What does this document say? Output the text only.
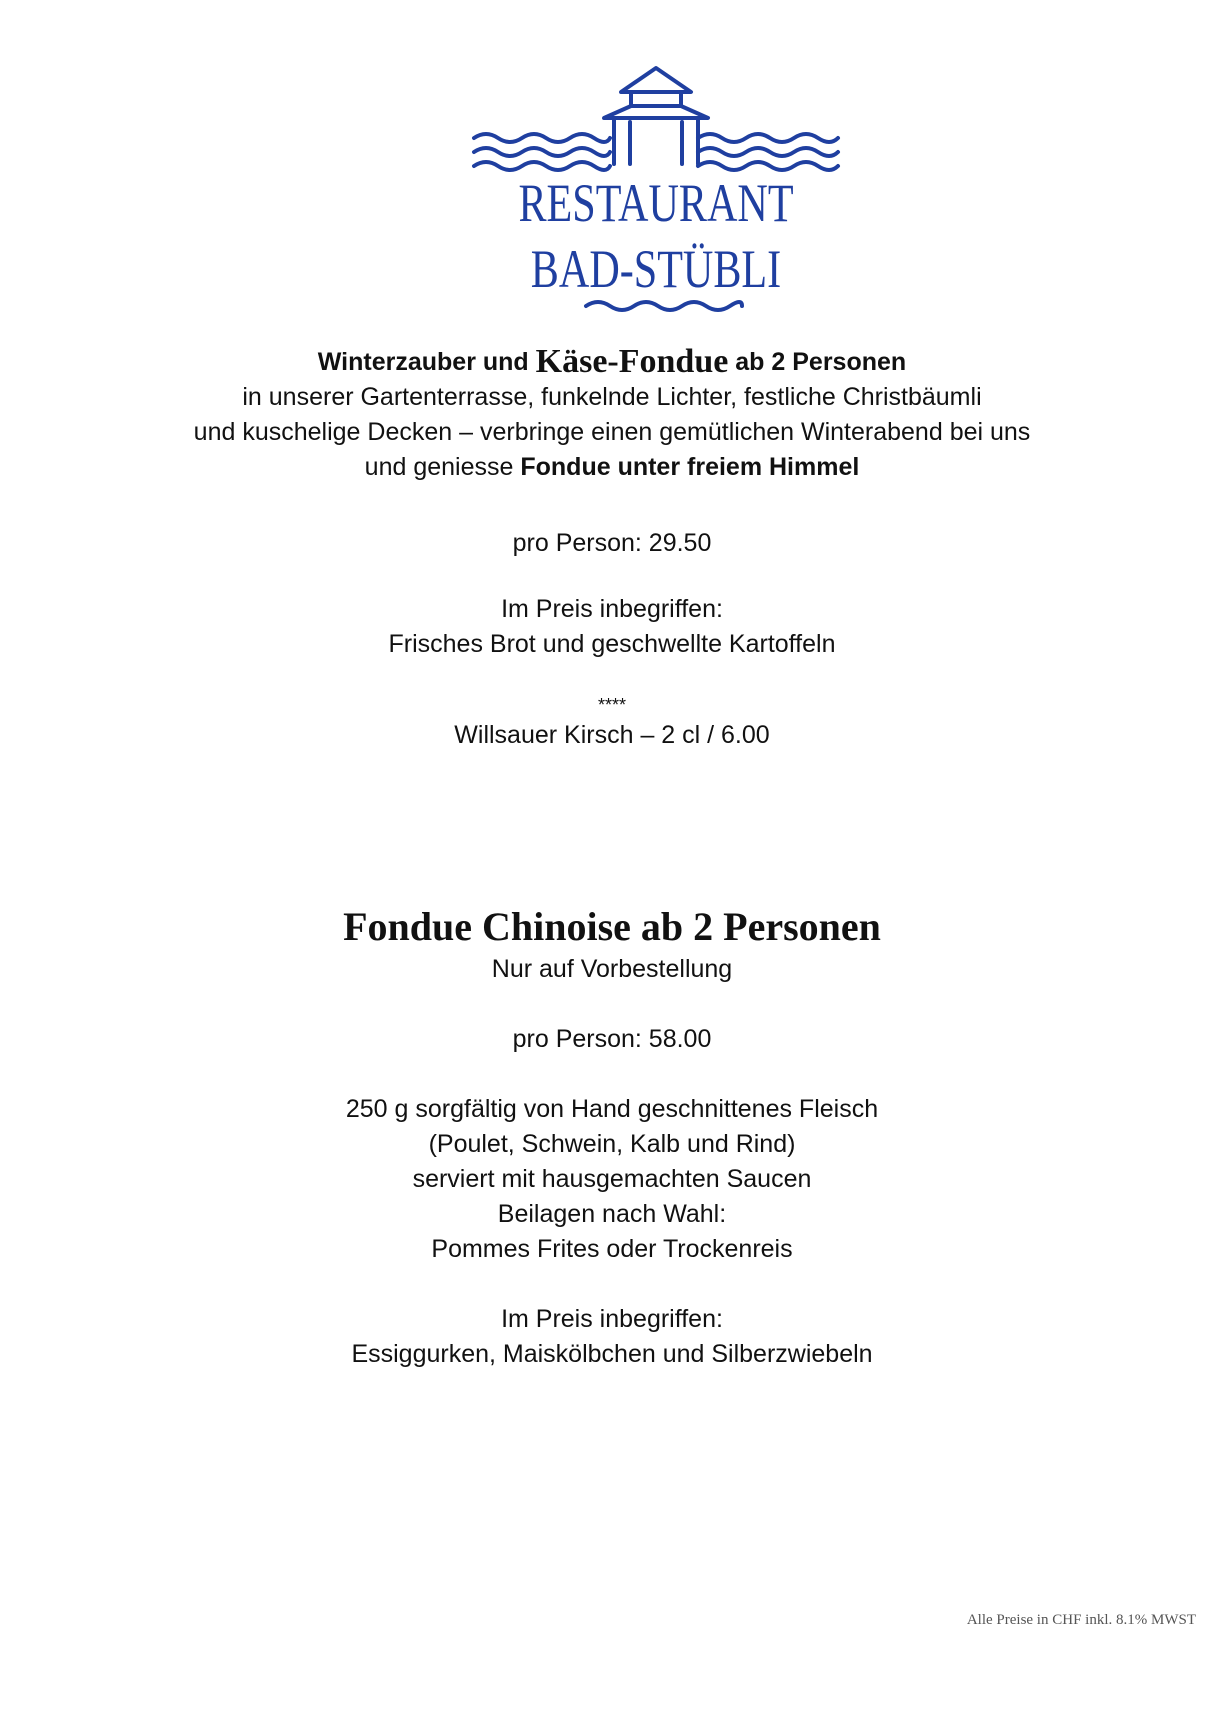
RESTAURANT
BAD-STÜBLI
Winterzauber und Käse-Fondue ab 2 Personen
in unserer Gartenterrasse, funkelnde Lichter, festliche Christbäumli
und kuschelige Decken – verbringe einen gemütlichen Winterabend bei uns
und geniesse Fondue unter freiem Himmel
pro Person: 29.50
Im Preis inbegriffen:
Frisches Brot und geschwellte Kartoffeln
****
Willsauer Kirsch – 2 cl / 6.00
Fondue Chinoise ab 2 Personen
Nur auf Vorbestellung
pro Person: 58.00
250 g sorgfältig von Hand geschnittenes Fleisch
(Poulet, Schwein, Kalb und Rind)
serviert mit hausgemachten Saucen
Beilagen nach Wahl:
Pommes Frites oder Trockenreis
Im Preis inbegriffen:
Essiggurken, Maiskölbchen und Silberzwiebeln
Alle Preise in CHF inkl. 8.1% MWST
